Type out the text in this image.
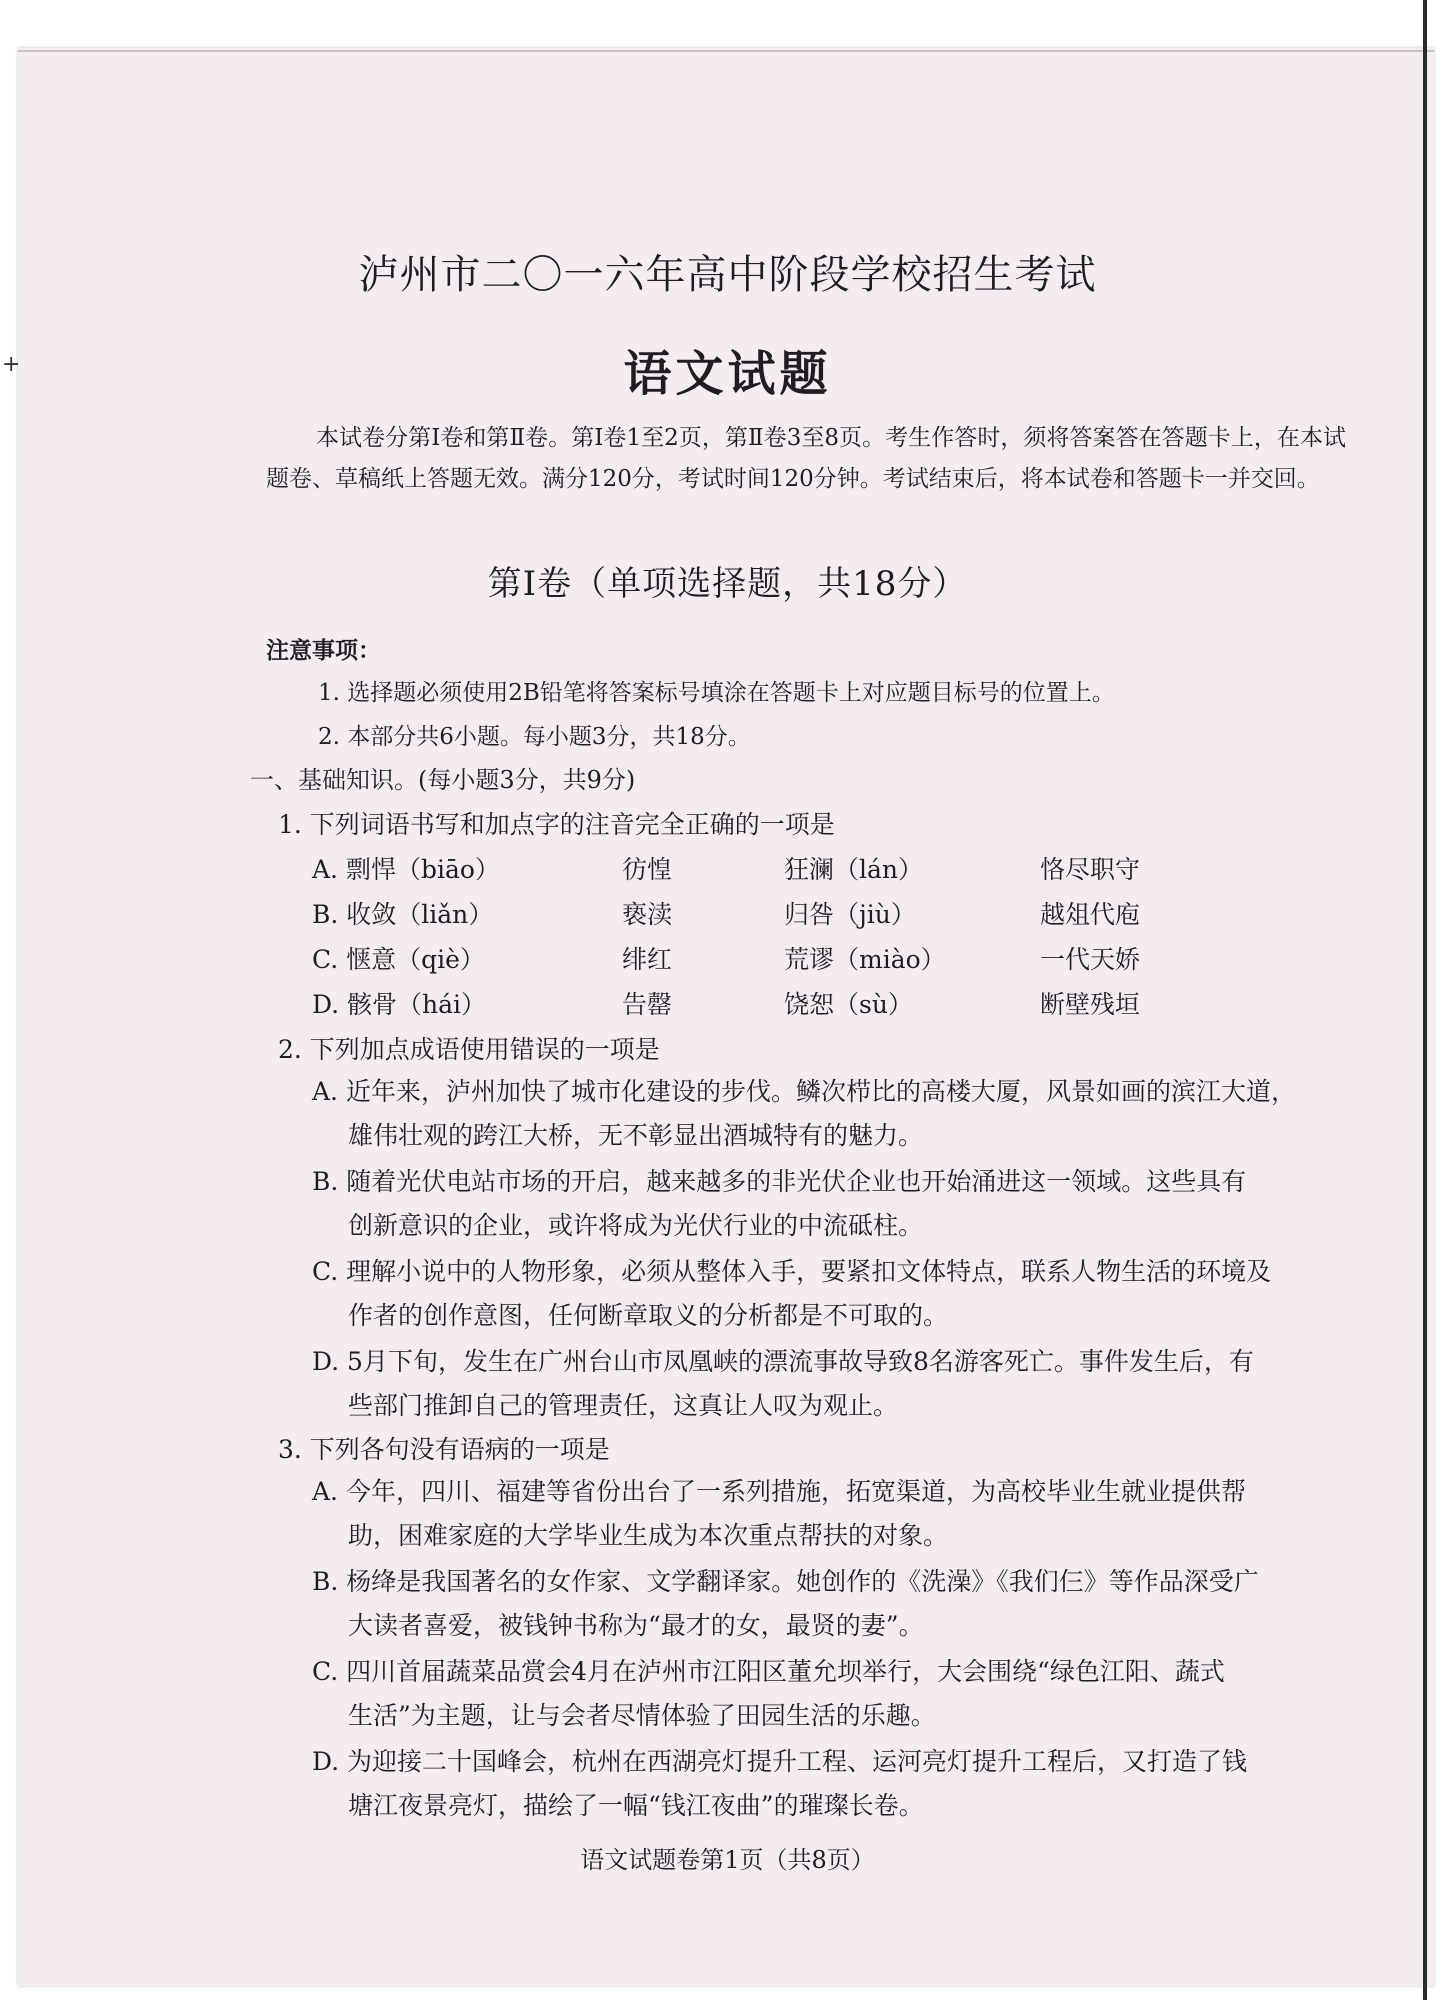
+
泸州市二〇一六年高中阶段学校招生考试
语文试题
本试卷分第Ⅰ卷和第Ⅱ卷。第Ⅰ卷1至2页，第Ⅱ卷3至8页。考生作答时，须将答案答在答题卡上，在本试题卷、草稿纸上答题无效。满分120分，考试时间120分钟。考试结束后，将本试卷和答题卡一并交回。
第Ⅰ卷（单项选择题，共18分）
注意事项：
1. 选择题必须使用2B铅笔将答案标号填涂在答题卡上对应题目标号的位置上。
2. 本部分共6小题。每小题3分，共18分。
一、基础知识。(每小题3分，共9分)
1. 下列词语书写和加点字的注音完全正确的一项是
A. 剽悍（biāo）	彷惶	狂澜（lán）	恪尽职守
B. 收敛（liǎn）	亵渎	归咎（jiù）	越俎代庖
C. 惬意（qiè）	绯红	荒谬（miào）	一代天娇
D. 骸骨（hái）	告罄	饶恕（sù）	断壁残垣
2. 下列加点成语使用错误的一项是
A. 近年来，泸州加快了城市化建设的步伐。鳞次栉比的高楼大厦，风景如画的滨江大道，
雄伟壮观的跨江大桥，无不彰显出酒城特有的魅力。
B. 随着光伏电站市场的开启，越来越多的非光伏企业也开始涌进这一领域。这些具有
创新意识的企业，或许将成为光伏行业的中流砥柱。
C. 理解小说中的人物形象，必须从整体入手，要紧扣文体特点，联系人物生活的环境及
作者的创作意图，任何断章取义的分析都是不可取的。
D. 5月下旬，发生在广州台山市凤凰峡的漂流事故导致8名游客死亡。事件发生后，有
些部门推卸自己的管理责任，这真让人叹为观止。
3. 下列各句没有语病的一项是
A. 今年，四川、福建等省份出台了一系列措施，拓宽渠道，为高校毕业生就业提供帮
助，困难家庭的大学毕业生成为本次重点帮扶的对象。
B. 杨绛是我国著名的女作家、文学翻译家。她创作的《洗澡》《我们仨》等作品深受广
大读者喜爱，被钱钟书称为“最才的女，最贤的妻”。
C. 四川首届蔬菜品赏会4月在泸州市江阳区董允坝举行，大会围绕“绿色江阳、蔬式
生活”为主题，让与会者尽情体验了田园生活的乐趣。
D. 为迎接二十国峰会，杭州在西湖亮灯提升工程、运河亮灯提升工程后，又打造了钱
塘江夜景亮灯，描绘了一幅“钱江夜曲”的璀璨长卷。
语文试题卷第1页（共8页）
